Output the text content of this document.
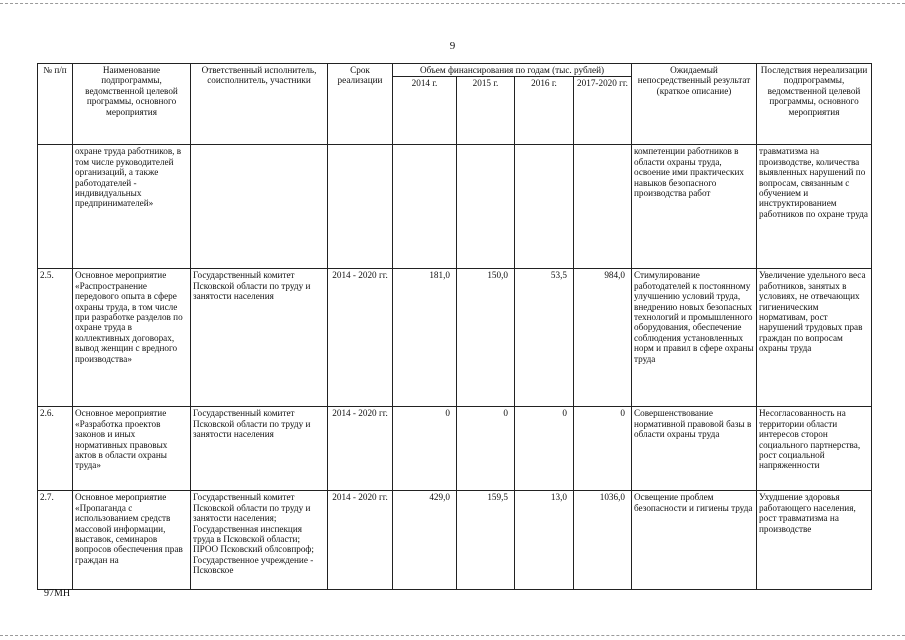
9
№ п/п	Наименование подпрограммы, ведомственной целевой программы, основного мероприятия	Ответственный исполнитель, соисполнитель, участники	Срок реализации	Объем финансирования по годам (тыс. рублей)				Ожидаемый непосредственный результат (краткое описание)	Последствия нереализации подпрограммы, ведомственной целевой программы, основного мероприятия
				2014 г.	2015 г.	2016 г.	2017-2020 гг.		
	охране труда работников, в том числе руководителей организаций, а также работодателей - индивидуальных предпринимателей»							компетенции работников в области охраны труда, освоение ими практических навыков безопасного производства работ	травматизма на производстве, количества выявленных нарушений по вопросам, связанным с обучением и инструктированием работников по охране труда
2.5.	Основное мероприятие «Распространение передового опыта в сфере охраны труда, в том числе при разработке разделов по охране труда в коллективных договорах, вывод женщин с вредного производства»	Государственный комитет Псковской области по труду и занятости населения	2014 - 2020 гг.	181,0	150,0	53,5	984,0	Стимулирование работодателей к постоянному улучшению условий труда, внедрению новых безопасных технологий и промышленного оборудования, обеспечение соблюдения установленных норм и правил в сфере охраны труда	Увеличение удельного веса работников, занятых в условиях, не отвечающих гигиеническим нормативам, рост нарушений трудовых прав граждан по вопросам охраны труда
2.6.	Основное мероприятие «Разработка проектов законов и иных нормативных правовых актов в области охраны труда»	Государственный комитет Псковской области по труду и занятости населения	2014 - 2020 гг.	0	0	0	0	Совершенствование нормативной правовой базы в области охраны труда	Несогласованность на территории области интересов сторон социального партнерства, рост социальной напряженности
2.7.	Основное мероприятие «Пропаганда с использованием средств массовой информации, выставок, семинаров вопросов обеспечения прав граждан на	Государственный комитет Псковской области по труду и занятости населения; Государственная инспекция труда в Псковской области; ПРОО Псковский облсовпроф; Государственное учреждение - Псковское	2014 - 2020 гг.	429,0	159,5	13,0	1036,0	Освещение проблем безопасности и гигиены труда	Ухудшение здоровья работающего населения, рост травматизма на производстве
97МН
